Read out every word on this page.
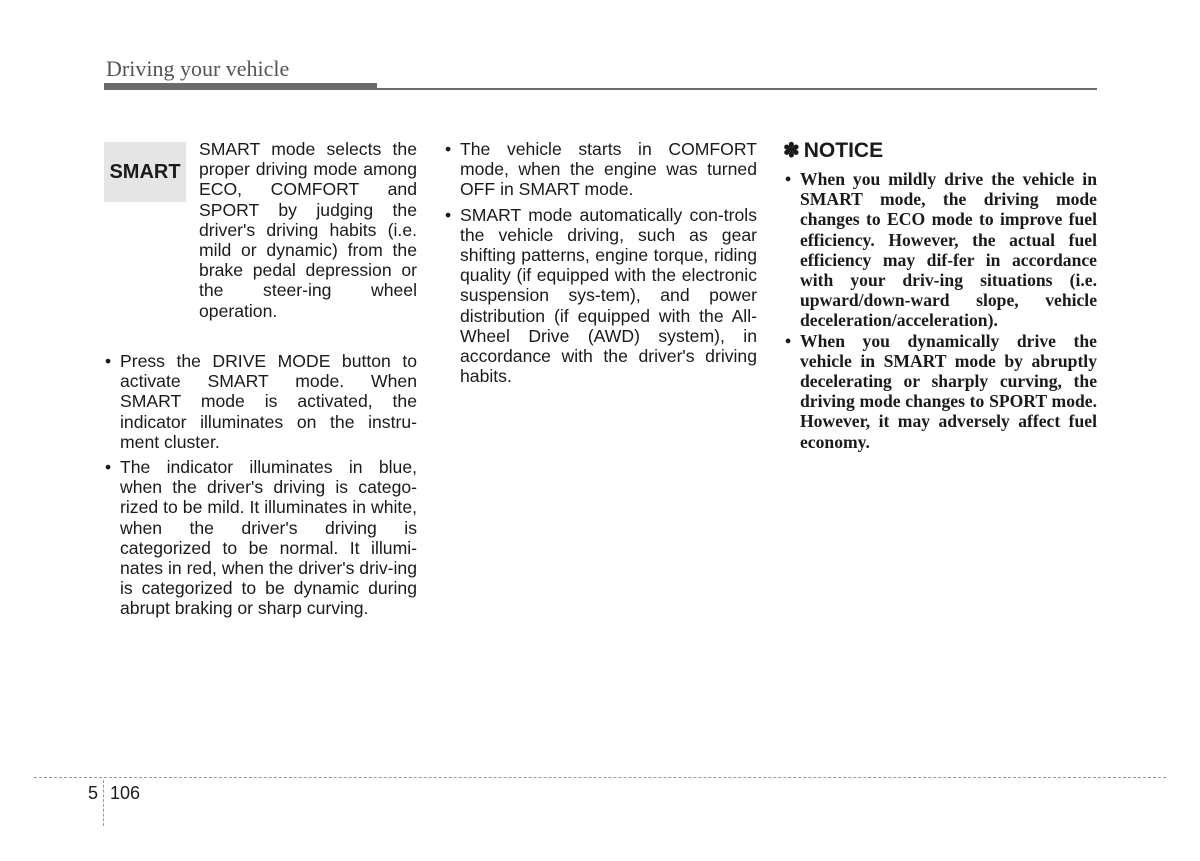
Driving your vehicle
SMART

SMART mode selects the proper driving mode among ECO, COMFORT and SPORT by judging the driver's driving habits (i.e. mild or dynamic) from the brake pedal depression or the steer-ing wheel operation.

• Press the DRIVE MODE button to activate SMART mode. When SMART mode is activated, the indicator illuminates on the instru-ment cluster.
• The indicator illuminates in blue, when the driver's driving is catego-rized to be mild. It illuminates in white, when the driver's driving is categorized to be normal. It illumi-nates in red, when the driver's driv-ing is categorized to be dynamic during abrupt braking or sharp curving.
• The vehicle starts in COMFORT mode, when the engine was turned OFF in SMART mode.
• SMART mode automatically con-trols the vehicle driving, such as gear shifting patterns, engine torque, riding quality (if equipped with the electronic suspension sys-tem), and power distribution (if equipped with the All-Wheel Drive (AWD) system), in accordance with the driver's driving habits.
✽ NOTICE
• When you mildly drive the vehicle in SMART mode, the driving mode changes to ECO mode to improve fuel efficiency. However, the actual fuel efficiency may dif-fer in accordance with your driv-ing situations (i.e. upward/down-ward slope, vehicle deceleration/acceleration).
• When you dynamically drive the vehicle in SMART mode by abruptly decelerating or sharply curving, the driving mode changes to SPORT mode. However, it may adversely affect fuel economy.
5 106
